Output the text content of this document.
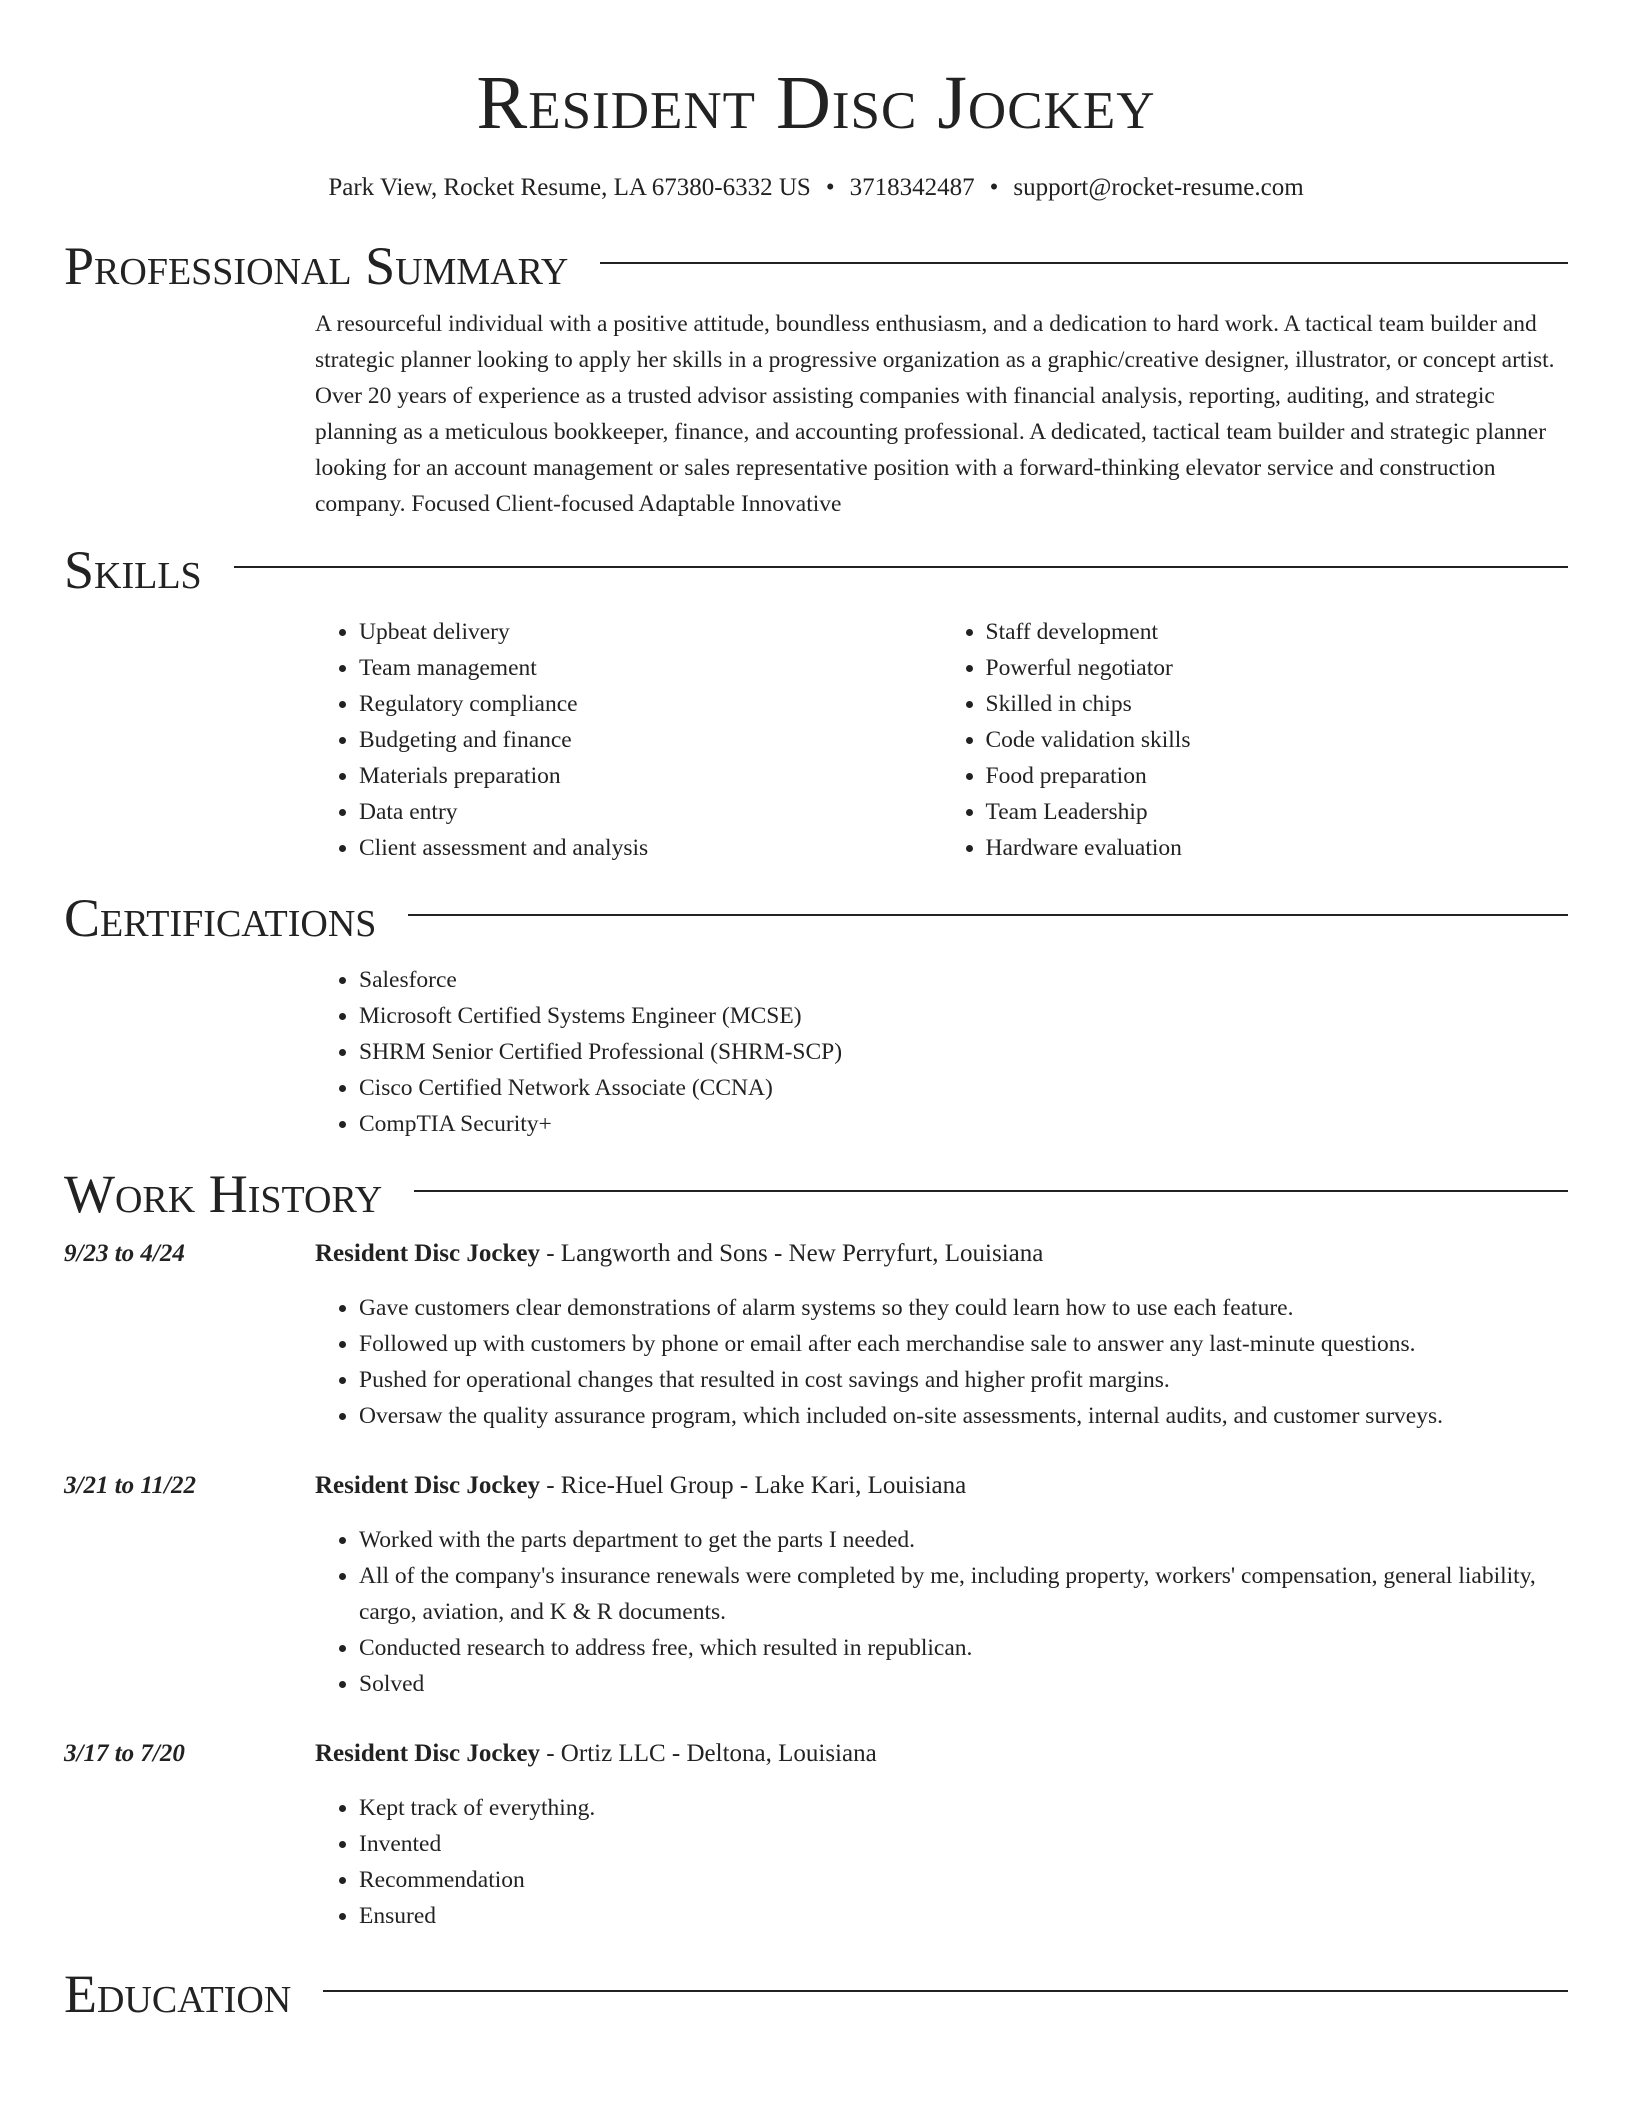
Resident Disc Jockey
Park View, Rocket Resume, LA 67380-6332 US • 3718342487 • support@rocket-resume.com
Professional Summary

A resourceful individual with a positive attitude, boundless enthusiasm, and a dedication to hard work. A tactical team builder and strategic planner looking to apply her skills in a progressive organization as a graphic/creative designer, illustrator, or concept artist. Over 20 years of experience as a trusted advisor assisting companies with financial analysis, reporting, auditing, and strategic planning as a meticulous bookkeeper, finance, and accounting professional. A dedicated, tactical team builder and strategic planner looking for an account management or sales representative position with a forward-thinking elevator service and construction company. Focused Client-focused Adaptable Innovative

Skills
• Upbeat delivery
• Team management
• Regulatory compliance
• Budgeting and finance
• Materials preparation
• Data entry
• Client assessment and analysis
• Staff development
• Powerful negotiator
• Skilled in chips
• Code validation skills
• Food preparation
• Team Leadership
• Hardware evaluation
Certifications
• Salesforce
• Microsoft Certified Systems Engineer (MCSE)
• SHRM Senior Certified Professional (SHRM-SCP)
• Cisco Certified Network Associate (CCNA)
• CompTIA Security+
Work History
9/23 to 4/24	Resident Disc Jockey - Langworth and Sons - New Perryfurt, Louisiana
• Gave customers clear demonstrations of alarm systems so they could learn how to use each feature.
• Followed up with customers by phone or email after each merchandise sale to answer any last-minute questions.
• Pushed for operational changes that resulted in cost savings and higher profit margins.
• Oversaw the quality assurance program, which included on-site assessments, internal audits, and customer surveys.
3/21 to 11/22	Resident Disc Jockey - Rice-Huel Group - Lake Kari, Louisiana
• Worked with the parts department to get the parts I needed.
• All of the company's insurance renewals were completed by me, including property, workers' compensation, general liability, cargo, aviation, and K & R documents.
• Conducted research to address free, which resulted in republican.
• Solved
3/17 to 7/20	Resident Disc Jockey - Ortiz LLC - Deltona, Louisiana
• Kept track of everything.
• Invented
• Recommendation
• Ensured
Education
